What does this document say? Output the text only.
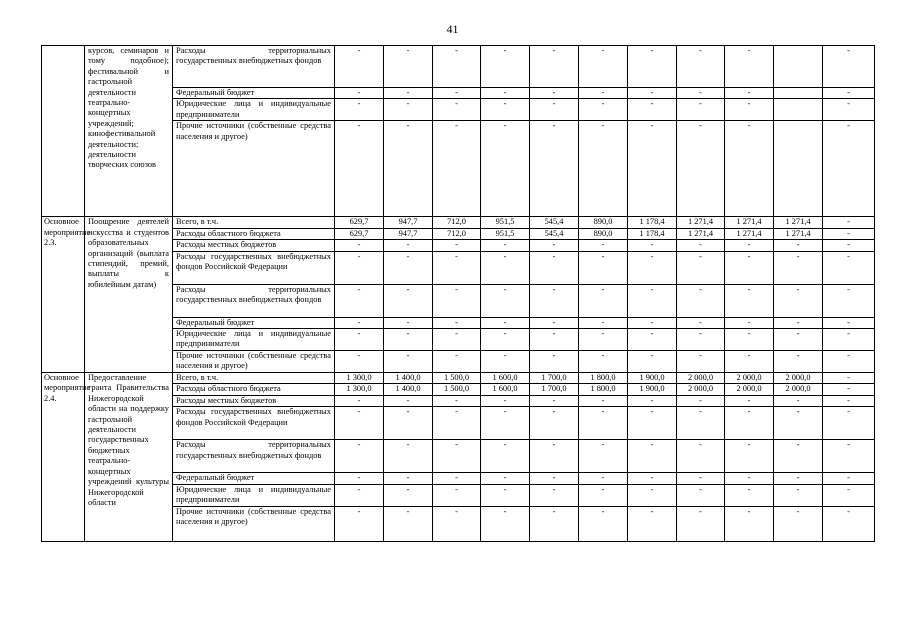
41
	курсов, семинаров и тому подобное); фестивальной и гастрольной деятельности театрально-концертных учреждений; кинофестивальной деятельности; деятельности творческих союзов	Расходы территориальных государственных внебюджетных фондов	-	-	-	-	-	-	-	-	-		-
		Федеральный бюджет	-	-	-	-	-	-	-	-	-		-
		Юридические лица и индивидуальные предприниматели	-	-	-	-	-	-	-	-	-		-
		Прочие источники (собственные средства населения и другое)	-	-	-	-	-	-	-	-	-		-
Основное мероприятие 2.3.	Поощрение деятелей искусства и студентов образовательных организаций (выплата стипендий, премий, выплаты к юбилейным датам)	Всего, в т.ч.	629,7	947,7	712,0	951,5	545,4	890,0	1 178,4	1 271,4	1 271,4	1 271,4	-
		Расходы областного бюджета	629,7	947,7	712,0	951,5	545,4	890,0	1 178,4	1 271,4	1 271,4	1 271,4	-
		Расходы местных бюджетов	-	-	-	-	-	-	-	-	-	-	-
		Расходы государственных внебюджетных фондов Российской Федерации	-	-	-	-	-	-	-	-	-	-	-
		Расходы территориальных государственных внебюджетных фондов	-	-	-	-	-	-	-	-	-	-	-
		Федеральный бюджет	-	-	-	-	-	-	-	-	-	-	-
		Юридические лица и индивидуальные предприниматели	-	-	-	-	-	-	-	-	-	-	-
		Прочие источники (собственные средства населения и другое)	-	-	-	-	-	-	-	-	-	-	-
Основное мероприятие 2.4.	Предоставление гранта Правительства Нижегородской области на поддержку гастрольной деятельности государственных бюджетных театрально-концертных учреждений культуры Нижегородской области	Всего, в т.ч.	1 300,0	1 400,0	1 500,0	1 600,0	1 700,0	1 800,0	1 900,0	2 000,0	2 000,0	2 000,0	-
		Расходы областного бюджета	1 300,0	1 400,0	1 500,0	1 600,0	1 700,0	1 800,0	1 900,0	2 000,0	2 000,0	2 000,0	-
		Расходы местных бюджетов	-	-	-	-	-	-	-	-	-	-	-
		Расходы государственных внебюджетных фондов Российской Федерации	-	-	-	-	-	-	-	-	-	-	-
		Расходы территориальных государственных внебюджетных фондов	-	-	-	-	-	-	-	-	-	-	-
		Федеральный бюджет	-	-	-	-	-	-	-	-	-	-	-
		Юридические лица и индивидуальные предприниматели	-	-	-	-	-	-	-	-	-	-	-
		Прочие источники (собственные средства населения и другое)	-	-	-	-	-	-	-	-	-	-	-
